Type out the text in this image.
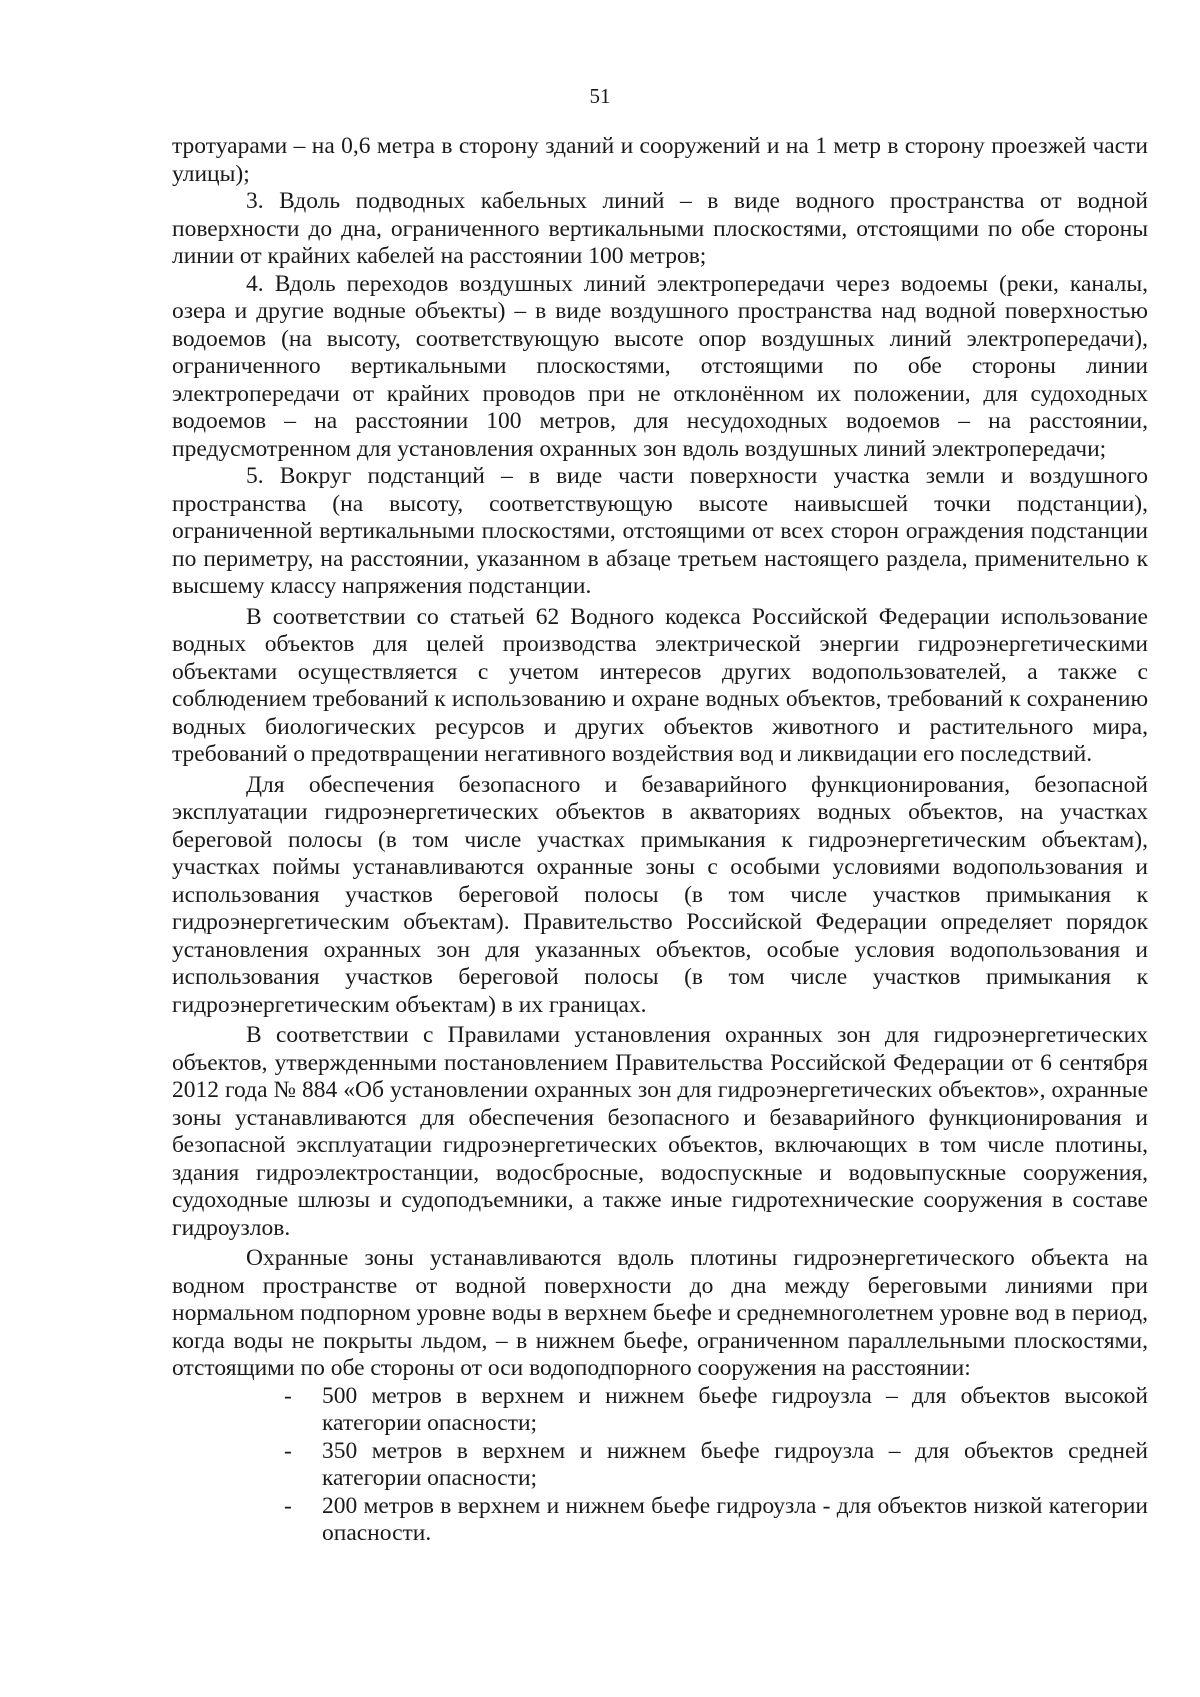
51

тротуарами – на 0,6 метра в сторону зданий и сооружений и на 1 метр в сторону проезжей части улицы);

3. Вдоль подводных кабельных линий – в виде водного пространства от водной поверхности до дна, ограниченного вертикальными плоскостями, отстоящими по обе стороны линии от крайних кабелей на расстоянии 100 метров;

4. Вдоль переходов воздушных линий электропередачи через водоемы (реки, каналы, озера и другие водные объекты) – в виде воздушного пространства над водной поверхностью водоемов (на высоту, соответствующую высоте опор воздушных линий электропередачи), ограниченного вертикальными плоскостями, отстоящими по обе стороны линии электропередачи от крайних проводов при не отклонённом их положении, для судоходных водоемов – на расстоянии 100 метров, для несудоходных водоемов – на расстоянии, предусмотренном для установления охранных зон вдоль воздушных линий электропередачи;

5. Вокруг подстанций – в виде части поверхности участка земли и воздушного пространства (на высоту, соответствующую высоте наивысшей точки подстанции), ограниченной вертикальными плоскостями, отстоящими от всех сторон ограждения подстанции по периметру, на расстоянии, указанном в абзаце третьем настоящего раздела, применительно к высшему классу напряжения подстанции.

В соответствии со статьей 62 Водного кодекса Российской Федерации использование водных объектов для целей производства электрической энергии гидроэнергетическими объектами осуществляется с учетом интересов других водопользователей, а также с соблюдением требований к использованию и охране водных объектов, требований к сохранению водных биологических ресурсов и других объектов животного и растительного мира, требований о предотвращении негативного воздействия вод и ликвидации его последствий.

Для обеспечения безопасного и безаварийного функционирования, безопасной эксплуатации гидроэнергетических объектов в акваториях водных объектов, на участках береговой полосы (в том числе участках примыкания к гидроэнергетическим объектам), участках поймы устанавливаются охранные зоны с особыми условиями водопользования и использования участков береговой полосы (в том числе участков примыкания к гидроэнергетическим объектам). Правительство Российской Федерации определяет порядок установления охранных зон для указанных объектов, особые условия водопользования и использования участков береговой полосы (в том числе участков примыкания к гидроэнергетическим объектам) в их границах.

В соответствии с Правилами установления охранных зон для гидроэнергетических объектов, утвержденными постановлением Правительства Российской Федерации от 6 сентября 2012 года № 884 «Об установлении охранных зон для гидроэнергетических объектов», охранные зоны устанавливаются для обеспечения безопасного и безаварийного функционирования и безопасной эксплуатации гидроэнергетических объектов, включающих в том числе плотины, здания гидроэлектростанции, водосбросные, водоспускные и водовыпускные сооружения, судоходные шлюзы и судоподъемники, а также иные гидротехнические сооружения в составе гидроузлов.

Охранные зоны устанавливаются вдоль плотины гидроэнергетического объекта на водном пространстве от водной поверхности до дна между береговыми линиями при нормальном подпорном уровне воды в верхнем бьефе и среднемноголетнем уровне вод в период, когда воды не покрыты льдом, – в нижнем бьефе, ограниченном параллельными плоскостями, отстоящими по обе стороны от оси водоподпорного сооружения на расстоянии:

- 500 метров в верхнем и нижнем бьефе гидроузла – для объектов высокой категории опасности;
- 350 метров в верхнем и нижнем бьефе гидроузла – для объектов средней категории опасности;
- 200 метров в верхнем и нижнем бьефе гидроузла - для объектов низкой категории опасности.
